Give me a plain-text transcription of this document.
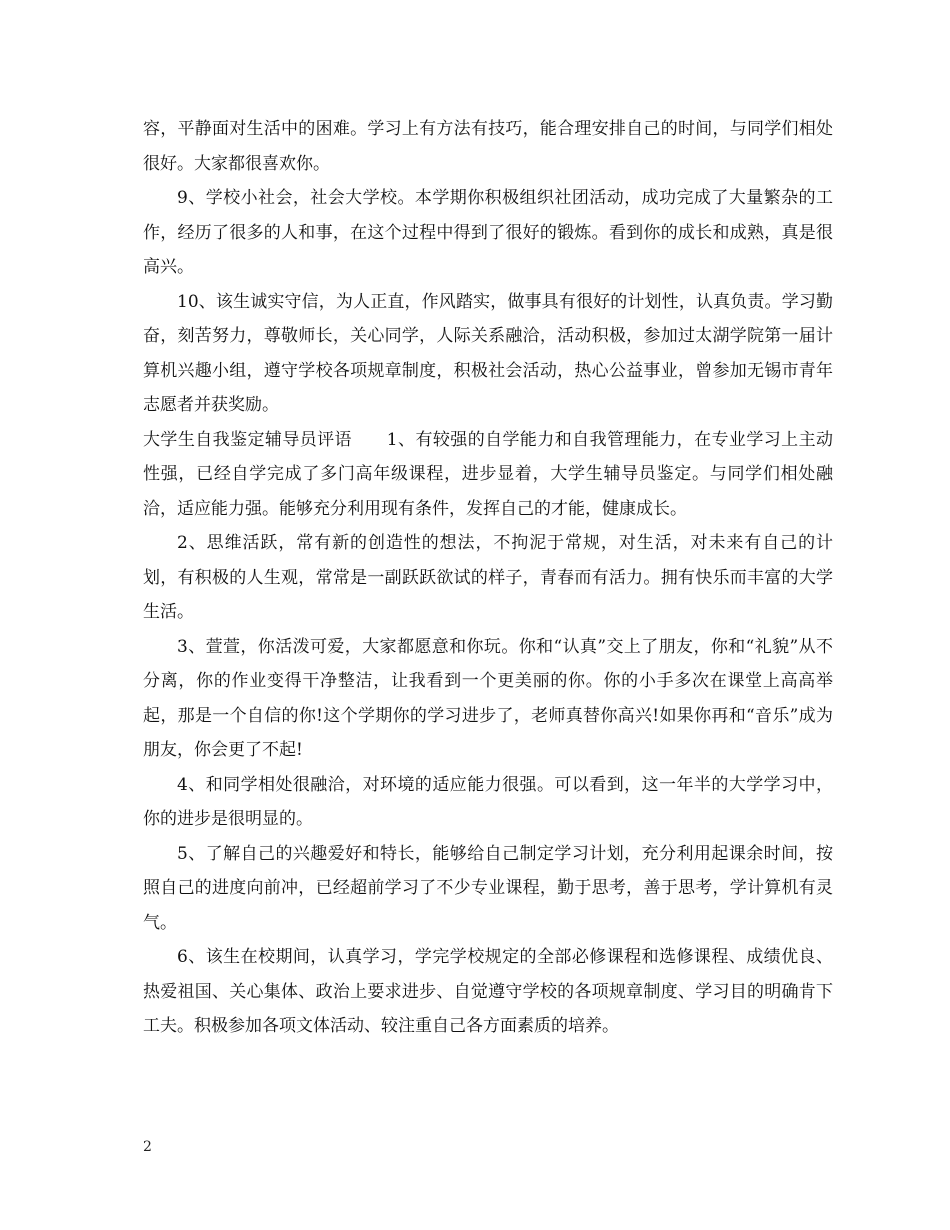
容，平静面对生活中的困难。学习上有方法有技巧，能合理安排自己的时间，与同学们相处很好。大家都很喜欢你。

9、学校小社会，社会大学校。本学期你积极组织社团活动，成功完成了大量繁杂的工作，经历了很多的人和事，在这个过程中得到了很好的锻炼。看到你的成长和成熟，真是很高兴。

10、该生诚实守信，为人正直，作风踏实，做事具有很好的计划性，认真负责。学习勤奋，刻苦努力，尊敬师长，关心同学，人际关系融洽，活动积极，参加过太湖学院第一届计算机兴趣小组，遵守学校各项规章制度，积极社会活动，热心公益事业，曾参加无锡市青年志愿者并获奖励。

大学生自我鉴定辅导员评语　　1、有较强的自学能力和自我管理能力，在专业学习上主动性强，已经自学完成了多门高年级课程，进步显着，大学生辅导员鉴定。与同学们相处融洽，适应能力强。能够充分利用现有条件，发挥自己的才能，健康成长。

2、思维活跃，常有新的创造性的想法，不拘泥于常规，对生活，对未来有自己的计划，有积极的人生观，常常是一副跃跃欲试的样子，青春而有活力。拥有快乐而丰富的大学生活。

3、萱萱，你活泼可爱，大家都愿意和你玩。你和“认真”交上了朋友，你和“礼貌”从不分离，你的作业变得干净整洁，让我看到一个更美丽的你。你的小手多次在课堂上高高举起，那是一个自信的你!这个学期你的学习进步了，老师真替你高兴!如果你再和“音乐”成为朋友，你会更了不起!

4、和同学相处很融洽，对环境的适应能力很强。可以看到，这一年半的大学学习中，你的进步是很明显的。

5、了解自己的兴趣爱好和特长，能够给自己制定学习计划，充分利用起课余时间，按照自己的进度向前冲，已经超前学习了不少专业课程，勤于思考，善于思考，学计算机有灵气。

6、该生在校期间，认真学习，学完学校规定的全部必修课程和选修课程、成绩优良、热爱祖国、关心集体、政治上要求进步、自觉遵守学校的各项规章制度、学习目的明确肯下工夫。积极参加各项文体活动、较注重自己各方面素质的培养。

2
